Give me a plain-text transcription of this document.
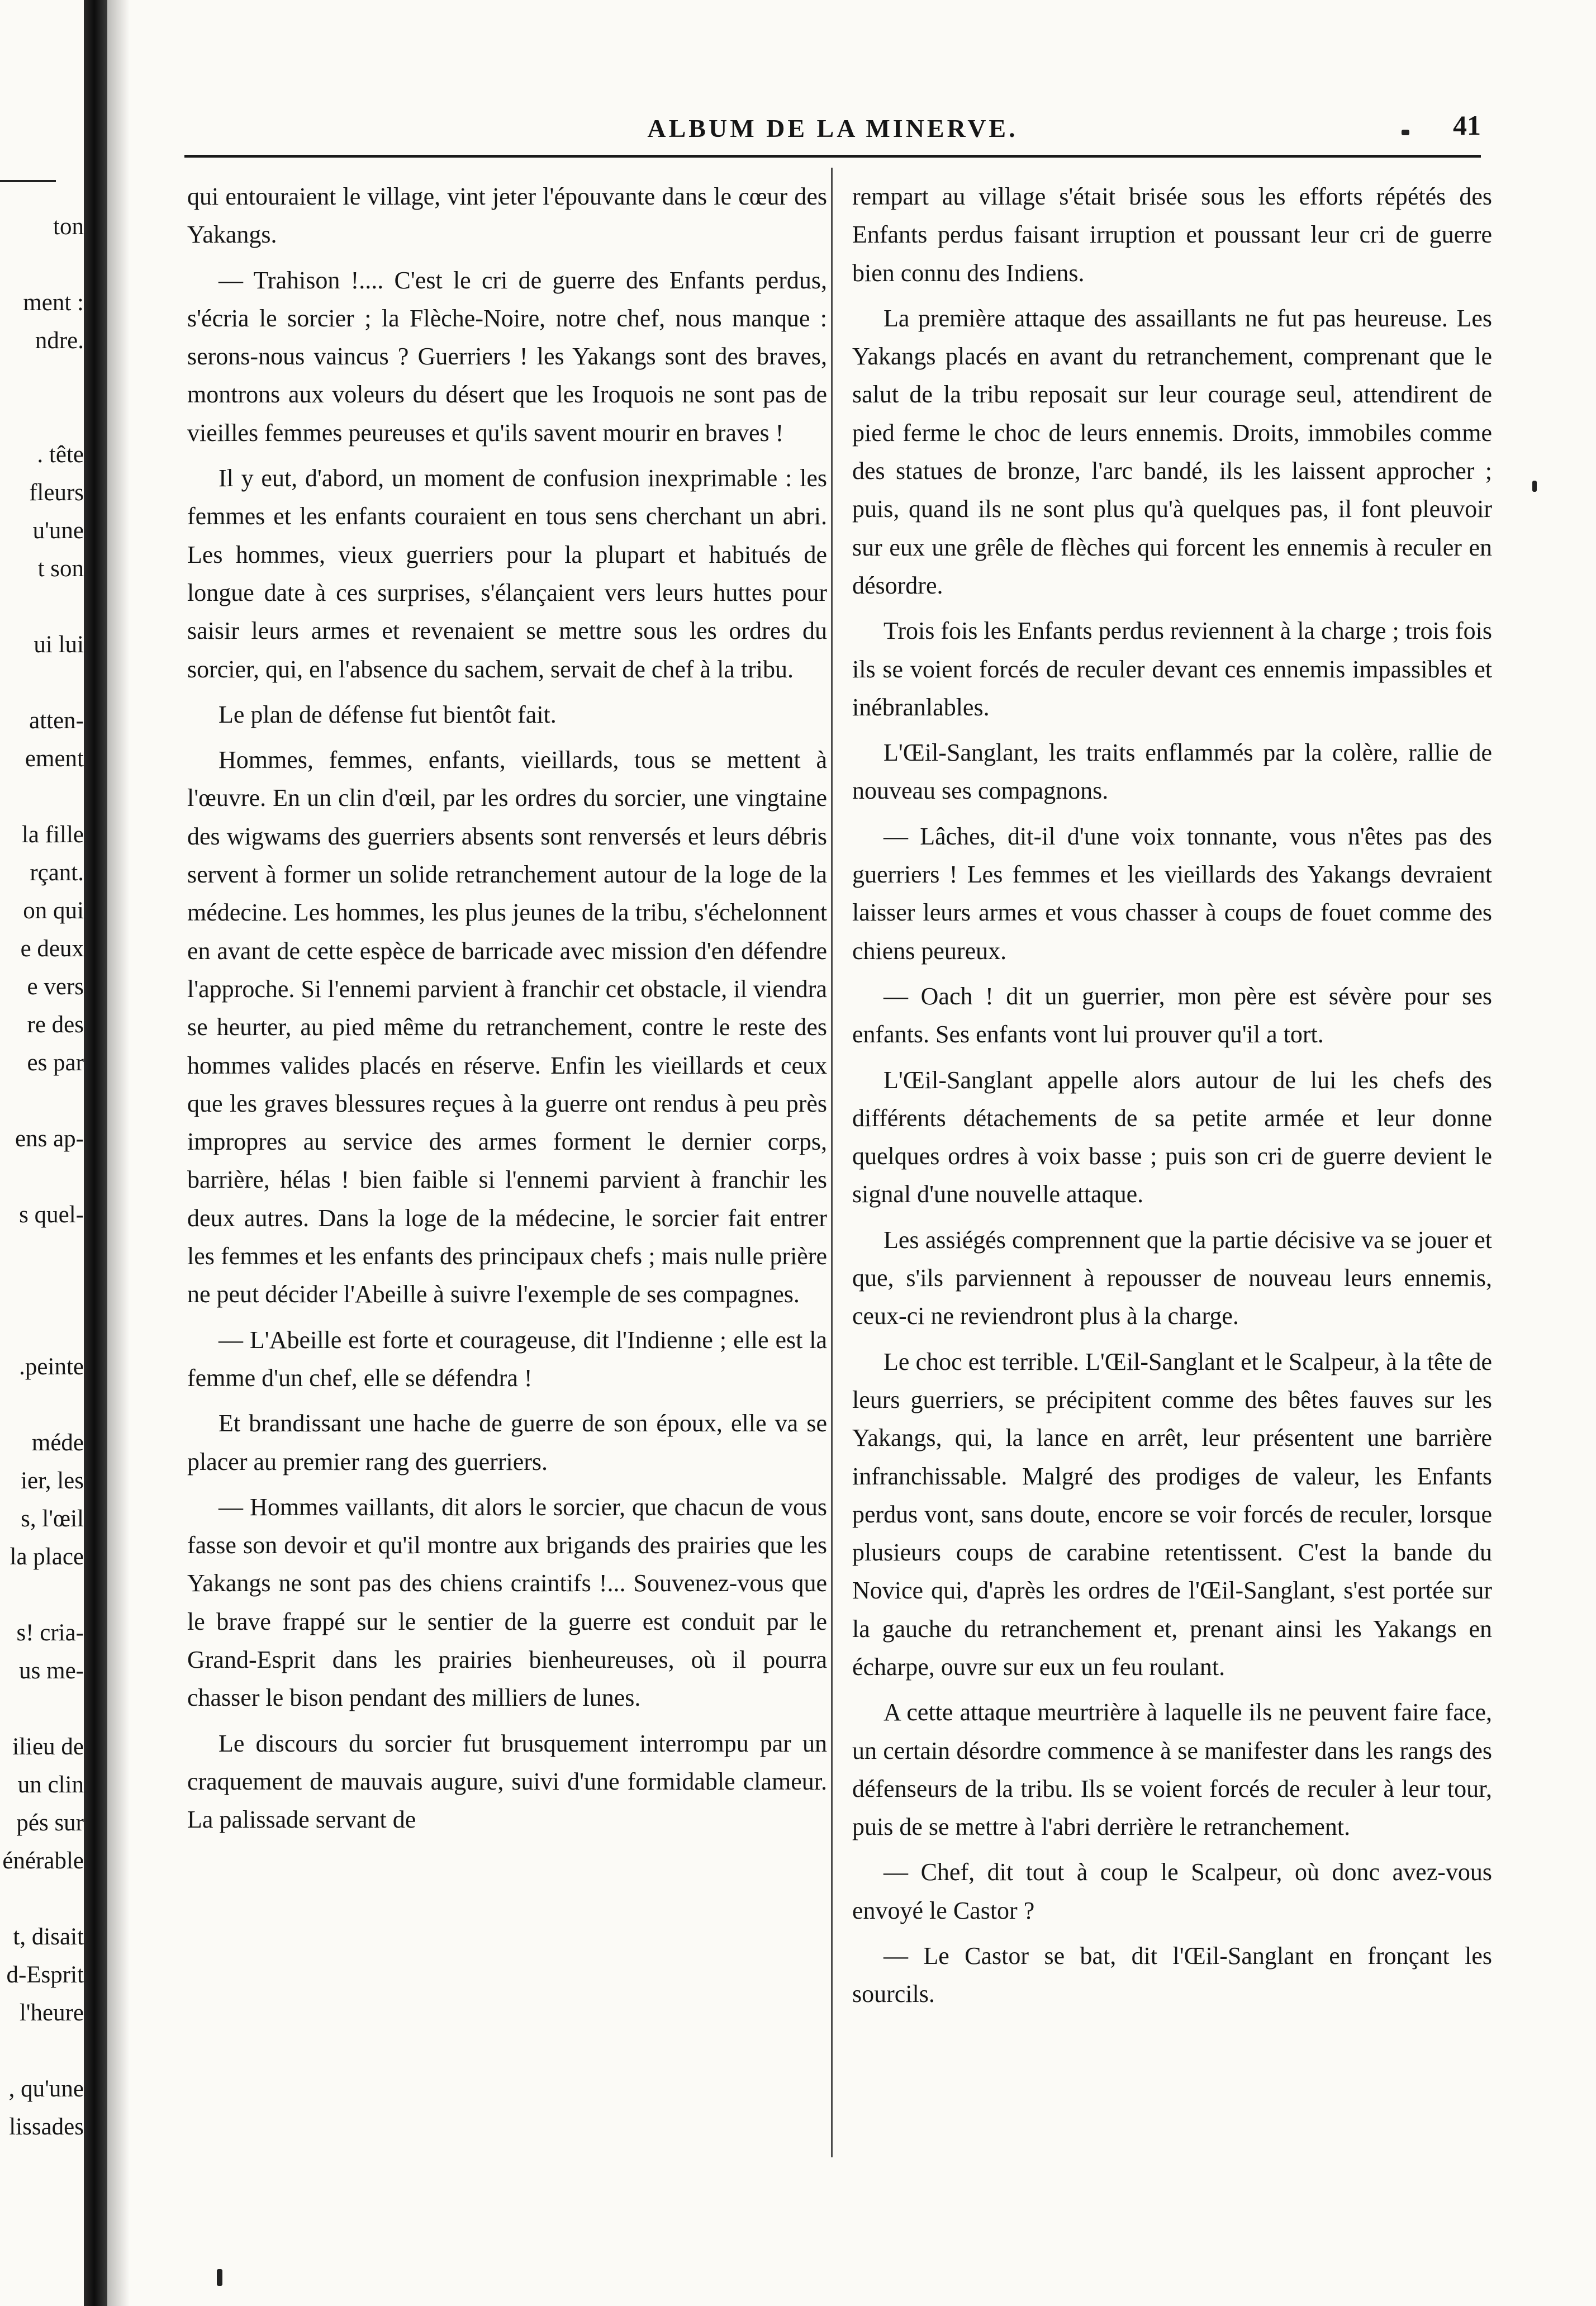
ton
ment :
ndre.
. tête
fleurs
u'une
t son
ui lui
atten-
ement
la fille
rçant.
on qui
e deux
e vers
re des
es par
ens ap-
s quel-
.peinte
méde
ier, les
s, l'œil
la place
s! cria-
us me-
ilieu de
un clin
pés sur
énérable
t, disait
d-Esprit
l'heure
, qu'une
lissades
ALBUM DE LA MINERVE.	41

qui entouraient le village, vint jeter l'épouvante dans le cœur des Yakangs.

— Trahison !.... C'est le cri de guerre des Enfants perdus, s'écria le sorcier ; la Flèche-Noire, notre chef, nous manque : serons-nous vaincus ? Guerriers ! les Yakangs sont des braves, montrons aux voleurs du désert que les Iroquois ne sont pas de vieilles femmes peureuses et qu'ils savent mourir en braves !

Il y eut, d'abord, un moment de confusion inexprimable : les femmes et les enfants couraient en tous sens cherchant un abri. Les hommes, vieux guerriers pour la plupart et habitués de longue date à ces surprises, s'élançaient vers leurs huttes pour saisir leurs armes et revenaient se mettre sous les ordres du sorcier, qui, en l'absence du sachem, servait de chef à la tribu.

Le plan de défense fut bientôt fait.

Hommes, femmes, enfants, vieillards, tous se mettent à l'œuvre. En un clin d'œil, par les ordres du sorcier, une vingtaine des wigwams des guerriers absents sont renversés et leurs débris servent à former un solide retranchement autour de la loge de la médecine. Les hommes, les plus jeunes de la tribu, s'échelonnent en avant de cette espèce de barricade avec mission d'en défendre l'approche. Si l'ennemi parvient à franchir cet obstacle, il viendra se heurter, au pied même du retranchement, contre le reste des hommes valides placés en réserve. Enfin les vieillards et ceux que les graves blessures reçues à la guerre ont rendus à peu près impropres au service des armes forment le dernier corps, barrière, hélas ! bien faible si l'ennemi parvient à franchir les deux autres. Dans la loge de la médecine, le sorcier fait entrer les femmes et les enfants des principaux chefs ; mais nulle prière ne peut décider l'Abeille à suivre l'exemple de ses compagnes.

— L'Abeille est forte et courageuse, dit l'Indienne ; elle est la femme d'un chef, elle se défendra !

Et brandissant une hache de guerre de son époux, elle va se placer au premier rang des guerriers.

— Hommes vaillants, dit alors le sorcier, que chacun de vous fasse son devoir et qu'il montre aux brigands des prairies que les Yakangs ne sont pas des chiens craintifs !... Souvenez-vous que le brave frappé sur le sentier de la guerre est conduit par le Grand-Esprit dans les prairies bienheureuses, où il pourra chasser le bison pendant des milliers de lunes.

Le discours du sorcier fut brusquement interrompu par un craquement de mauvais augure, suivi d'une formidable clameur. La palissade servant de

rempart au village s'était brisée sous les efforts répétés des Enfants perdus faisant irruption et poussant leur cri de guerre bien connu des Indiens.

La première attaque des assaillants ne fut pas heureuse. Les Yakangs placés en avant du retranchement, comprenant que le salut de la tribu reposait sur leur courage seul, attendirent de pied ferme le choc de leurs ennemis. Droits, immobiles comme des statues de bronze, l'arc bandé, ils les laissent approcher ; puis, quand ils ne sont plus qu'à quelques pas, il font pleuvoir sur eux une grêle de flèches qui forcent les ennemis à reculer en désordre.

Trois fois les Enfants perdus reviennent à la charge ; trois fois ils se voient forcés de reculer devant ces ennemis impassibles et inébranlables.

L'Œil-Sanglant, les traits enflammés par la colère, rallie de nouveau ses compagnons.

— Lâches, dit-il d'une voix tonnante, vous n'êtes pas des guerriers ! Les femmes et les vieillards des Yakangs devraient laisser leurs armes et vous chasser à coups de fouet comme des chiens peureux.

— Oach ! dit un guerrier, mon père est sévère pour ses enfants. Ses enfants vont lui prouver qu'il a tort.

L'Œil-Sanglant appelle alors autour de lui les chefs des différents détachements de sa petite armée et leur donne quelques ordres à voix basse ; puis son cri de guerre devient le signal d'une nouvelle attaque.

Les assiégés comprennent que la partie décisive va se jouer et que, s'ils parviennent à repousser de nouveau leurs ennemis, ceux-ci ne reviendront plus à la charge.

Le choc est terrible. L'Œil-Sanglant et le Scalpeur, à la tête de leurs guerriers, se précipitent comme des bêtes fauves sur les Yakangs, qui, la lance en arrêt, leur présentent une barrière infranchissable. Malgré des prodiges de valeur, les Enfants perdus vont, sans doute, encore se voir forcés de reculer, lorsque plusieurs coups de carabine retentissent. C'est la bande du Novice qui, d'après les ordres de l'Œil-Sanglant, s'est portée sur la gauche du retranchement et, prenant ainsi les Yakangs en écharpe, ouvre sur eux un feu roulant.

A cette attaque meurtrière à laquelle ils ne peuvent faire face, un certain désordre commence à se manifester dans les rangs des défenseurs de la tribu. Ils se voient forcés de reculer à leur tour, puis de se mettre à l'abri derrière le retranchement.

— Chef, dit tout à coup le Scalpeur, où donc avez-vous envoyé le Castor ?

— Le Castor se bat, dit l'Œil-Sanglant en fronçant les sourcils.
